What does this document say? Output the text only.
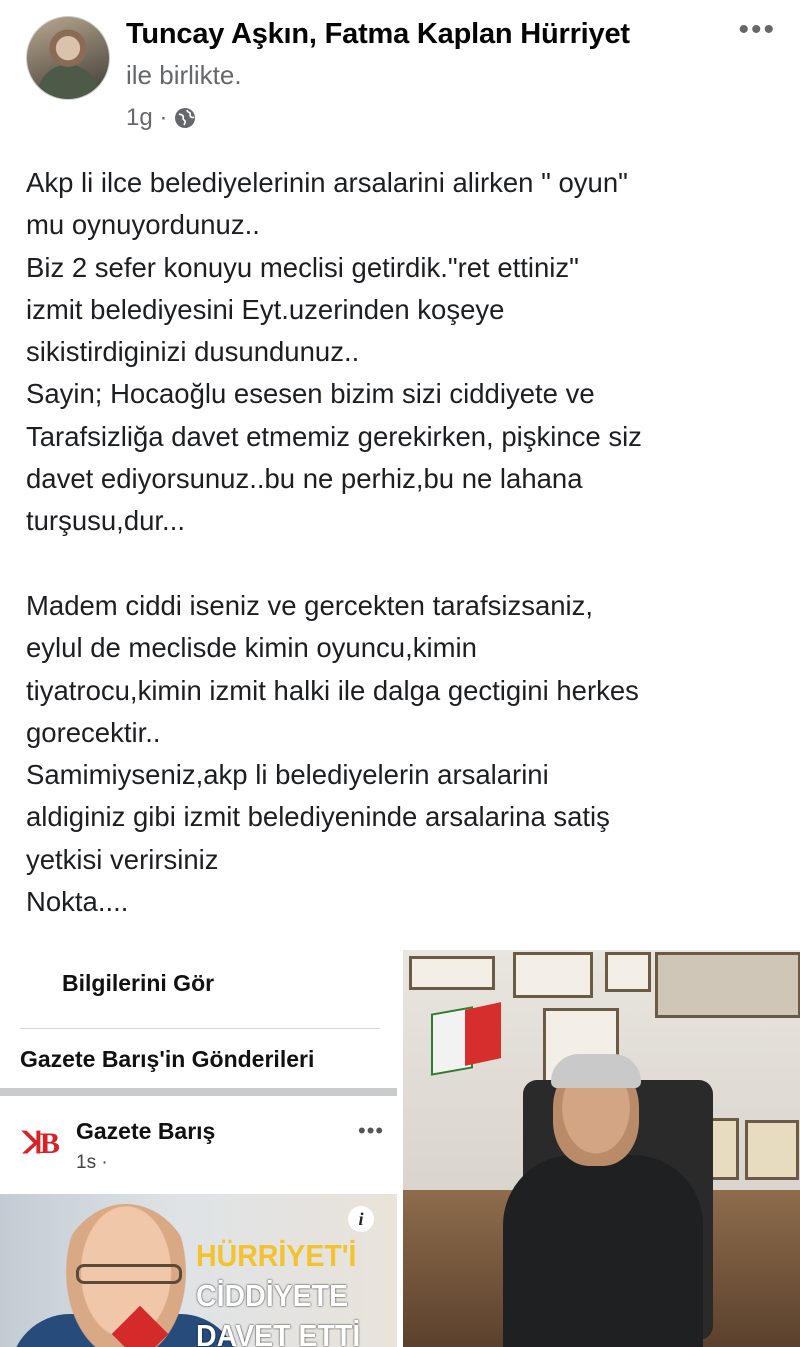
Tuncay Aşkın, Fatma Kaplan Hürriyet
ile birlikte.
1g ·
•••
Akp li ilce belediyelerinin arsalarini alirken " oyun"
mu oynuyordunuz..
Biz 2 sefer konuyu meclisi getirdik."ret ettiniz"
izmit belediyesini Eyt.uzerinden koşeye
sikistirdiginizi dusundunuz..
Sayin; Hocaoğlu esesen bizim sizi ciddiyete ve
Tarafsizliğa davet etmemiz gerekirken, pişkince siz
davet ediyorsunuz..bu ne perhiz,bu ne lahana
turşusu,dur...

Madem ciddi iseniz ve gercekten tarafsizsaniz,
eylul de meclisde kimin oyuncu,kimin
tiyatrocu,kimin izmit halki ile dalga gectigini herkes
gorecektir..
Samimiyseniz,akp li belediyelerin arsalarini
aldiginiz gibi izmit belediyeninde arsalarina satiş
yetkisi verirsiniz
Nokta....
Bilgilerini Gör
Gazete Barış'in Gönderileri
ꓘB Gazete Barış
1s ·
•••
HÜRRİYET'İ
CİDDİYETE
DAVET ETTİ
i
